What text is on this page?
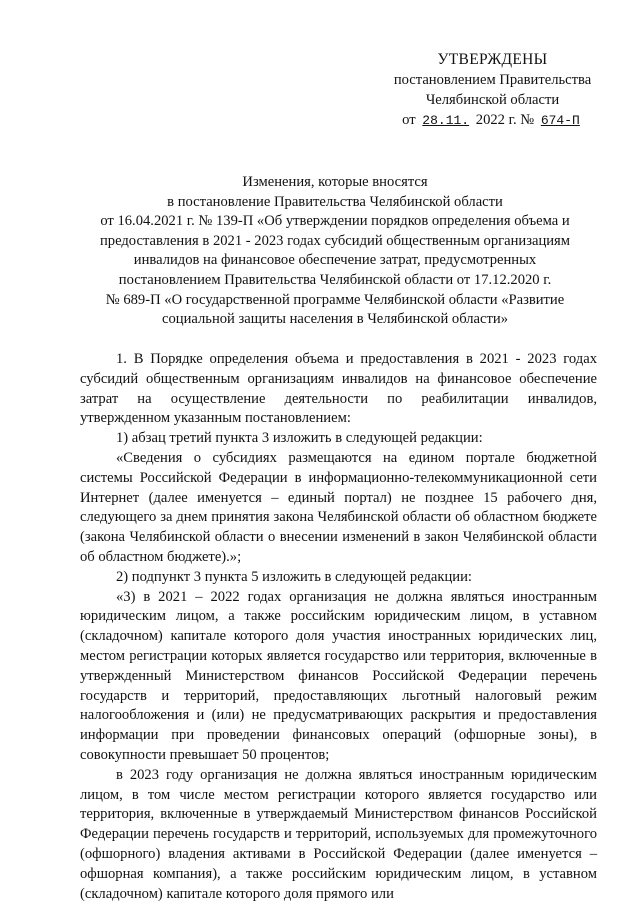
УТВЕРЖДЕНЫ
постановлением Правительства
Челябинской области
от 28.11. 2022 г. № 674-П
Изменения, которые вносятся
в постановление Правительства Челябинской области
от 16.04.2021 г. № 139-П «Об утверждении порядков определения объема и
предоставления в 2021 - 2023 годах субсидий общественным организациям
инвалидов на финансовое обеспечение затрат, предусмотренных
постановлением Правительства Челябинской области от 17.12.2020 г.
№ 689-П «О государственной программе Челябинской области «Развитие
социальной защиты населения в Челябинской области»

1. В Порядке определения объема и предоставления в 2021 - 2023 годах субсидий общественным организациям инвалидов на финансовое обеспечение затрат на осуществление деятельности по реабилитации инвалидов, утвержденном указанным постановлением:

1) абзац третий пункта 3 изложить в следующей редакции:

«Сведения о субсидиях размещаются на едином портале бюджетной системы Российской Федерации в информационно-телекоммуникационной сети Интернет (далее именуется – единый портал) не позднее 15 рабочего дня, следующего за днем принятия закона Челябинской области об областном бюджете (закона Челябинской области о внесении изменений в закон Челябинской области об областном бюджете).»;

2) подпункт 3 пункта 5 изложить в следующей редакции:

«3) в 2021 – 2022 годах организация не должна являться иностранным юридическим лицом, а также российским юридическим лицом, в уставном (складочном) капитале которого доля участия иностранных юридических лиц, местом регистрации которых является государство или территория, включенные в утвержденный Министерством финансов Российской Федерации перечень государств и территорий, предоставляющих льготный налоговый режим налогообложения и (или) не предусматривающих раскрытия и предоставления информации при проведении финансовых операций (офшорные зоны), в совокупности превышает 50 процентов;

в 2023 году организация не должна являться иностранным юридическим лицом, в том числе местом регистрации которого является государство или территория, включенные в утверждаемый Министерством финансов Российской Федерации перечень государств и территорий, используемых для промежуточного (офшорного) владения активами в Российской Федерации (далее именуется – офшорная компания), а также российским юридическим лицом, в уставном (складочном) капитале которого доля прямого или
